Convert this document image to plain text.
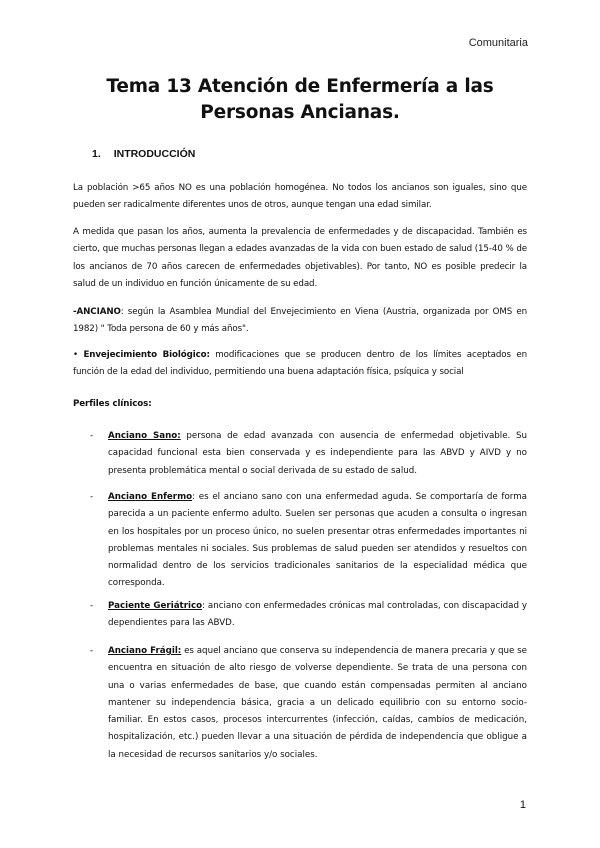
Comunitaria
Tema 13 Atención de Enfermería a las Personas Ancianas.
1. INTRODUCCIÓN
La población >65 años NO es una población homogénea. No todos los ancianos son iguales, sino que pueden ser radicalmente diferentes unos de otros, aunque tengan una edad similar.
A medida que pasan los años, aumenta la prevalencia de enfermedades y de discapacidad. También es cierto, que muchas personas llegan a edades avanzadas de la vida con buen estado de salud (15-40 % de los ancianos de 70 años carecen de enfermedades objetivables). Por tanto, NO es posible predecir la salud de un individuo en función únicamente de su edad.
-ANCIANO: según la Asamblea Mundial del Envejecimiento en Viena (Austria, organizada por OMS en 1982) " Toda persona de 60 y más años".
• Envejecimiento Biológico: modificaciones que se producen dentro de los límites aceptados en función de la edad del individuo, permitiendo una buena adaptación física, psíquica y social
Perfiles clínicos:
- Anciano Sano: persona de edad avanzada con ausencia de enfermedad objetivable. Su capacidad funcional esta bien conservada y es independiente para las ABVD y AIVD y no presenta problemática mental o social derivada de su estado de salud.
- Anciano Enfermo: es el anciano sano con una enfermedad aguda. Se comportaría de forma parecida a un paciente enfermo adulto. Suelen ser personas que acuden a consulta o ingresan en los hospitales por un proceso único, no suelen presentar otras enfermedades importantes ni problemas mentales ni sociales. Sus problemas de salud pueden ser atendidos y resueltos con normalidad dentro de los servicios tradicionales sanitarios de la especialidad médica que corresponda.
- Paciente Geriátrico: anciano con enfermedades crónicas mal controladas, con discapacidad y dependientes para las ABVD.
- Anciano Frágil: es aquel anciano que conserva su independencia de manera precaria y que se encuentra en situación de alto riesgo de volverse dependiente. Se trata de una persona con una o varias enfermedades de base, que cuando están compensadas permiten al anciano mantener su independencia básica, gracia a un delicado equilibrio con su entorno socio-familiar. En estos casos, procesos intercurrentes (infección, caídas, cambios de medicación, hospitalización, etc.) pueden llevar a una situación de pérdida de independencia que obligue a la necesidad de recursos sanitarios y/o sociales.
1
